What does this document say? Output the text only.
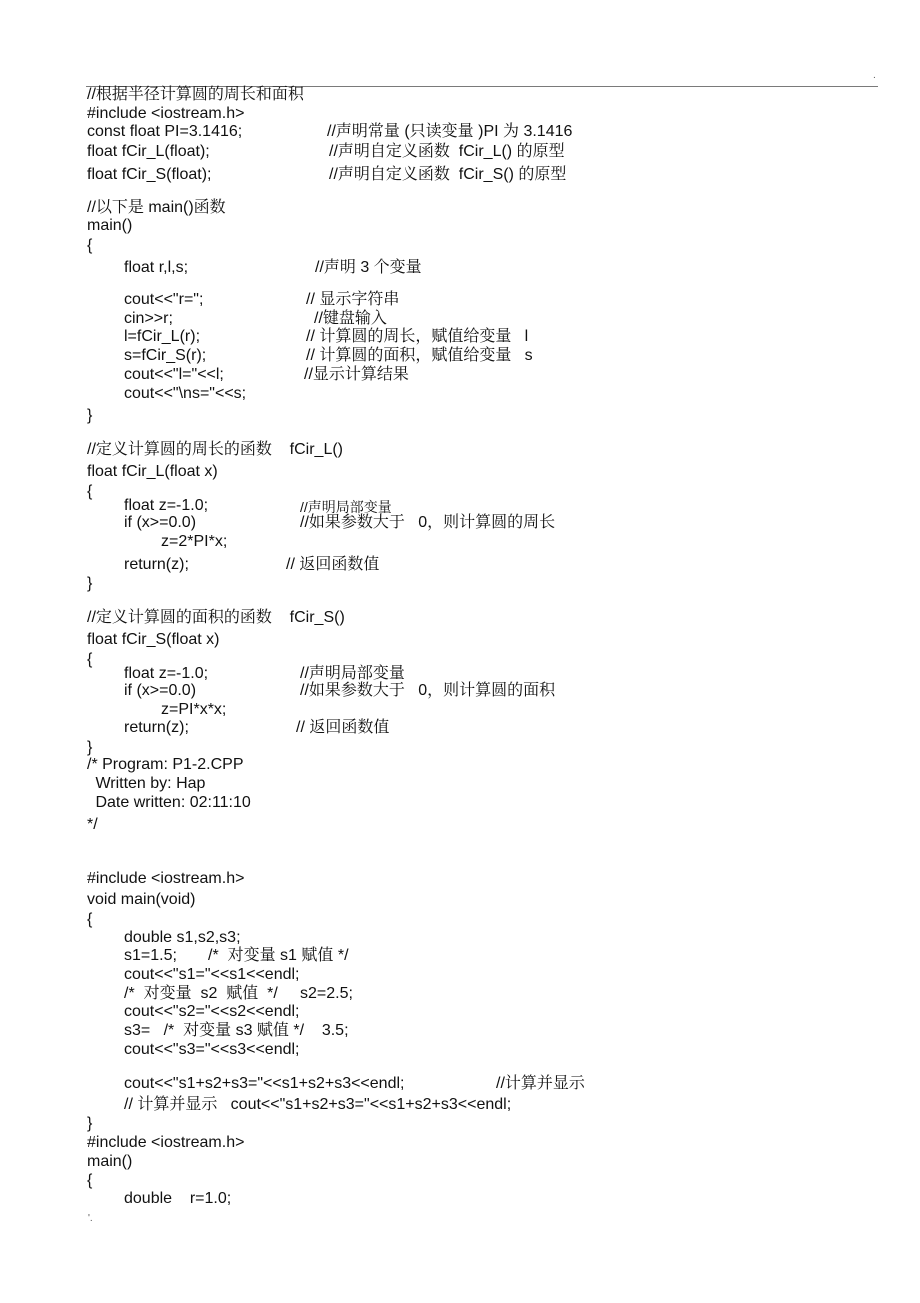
.

//根据半径计算圆的周长和面积

#include <iostream.h>

const float PI=3.1416;

	//声明常量 (只读变量 )PI 为 3.1416

float fCir_L(float);

	//声明自定义函数  fCir_L() 的原型

float fCir_S(float);

	//声明自定义函数  fCir_S() 的原型

//以下是 main()函数

main()

{

float r,l,s;

	//声明 3 个变量

cout<<"r=";

	// 显示字符串

cin>>r;

	//键盘输入

l=fCir_L(r);

	// 计算圆的周长，赋值给变量   l

s=fCir_S(r);

	// 计算圆的面积，赋值给变量   s

cout<<"l="<<l;

	//显示计算结果

cout<<"\ns="<<s;

}

//定义计算圆的周长的函数    fCir_L()

float fCir_L(float x)

{

float z=-1.0;

	//声明局部变量

if (x>=0.0)

	//如果参数大于   0，则计算圆的周长

z=2*PI*x;

return(z);

	// 返回函数值

}

//定义计算圆的面积的函数    fCir_S()

float fCir_S(float x)

{

float z=-1.0;

	//声明局部变量

if (x>=0.0)

	//如果参数大于   0，则计算圆的面积

z=PI*x*x;

return(z);

	// 返回函数值

}

/* Program: P1-2.CPP

Written by: Hap

Date written: 02:11:10

*/

#include <iostream.h>

void main(void)

{

double s1,s2,s3;

s1=1.5;       /*  对变量 s1 赋值 */

cout<<"s1="<<s1<<endl;

/*  对变量  s2  赋值  */     s2=2.5;

cout<<"s2="<<s2<<endl;

s3=   /*  对变量 s3 赋值 */    3.5;

cout<<"s3="<<s3<<endl;

cout<<"s1+s2+s3="<<s1+s2+s3<<endl;

	//计算并显示

// 计算并显示   cout<<"s1+s2+s3="<<s1+s2+s3<<endl;

}

#include <iostream.h>

main()

{

double    r=1.0;

'.
